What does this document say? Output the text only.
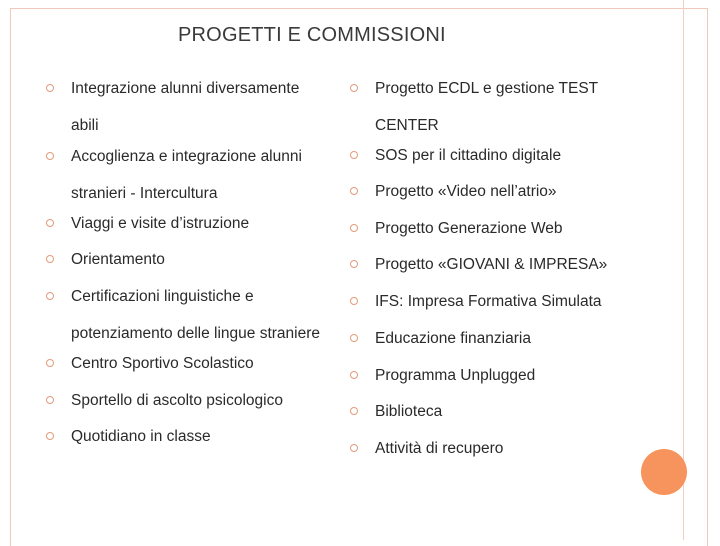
PROGETTI E COMMISSIONI
Integrazione alunni diversamente
abili
Accoglienza e integrazione alunni
stranieri - Intercultura
Viaggi e visite d’istruzione
Orientamento
Certificazioni linguistiche e
potenziamento delle lingue straniere
Centro Sportivo Scolastico
Sportello di ascolto psicologico
Quotidiano in classe
Progetto ECDL e gestione TEST
CENTER
SOS per il cittadino digitale
Progetto «Video nell’atrio»
Progetto Generazione Web
Progetto «GIOVANI & IMPRESA»
IFS: Impresa Formativa Simulata
Educazione finanziaria
Programma Unplugged
Biblioteca
Attività di recupero
